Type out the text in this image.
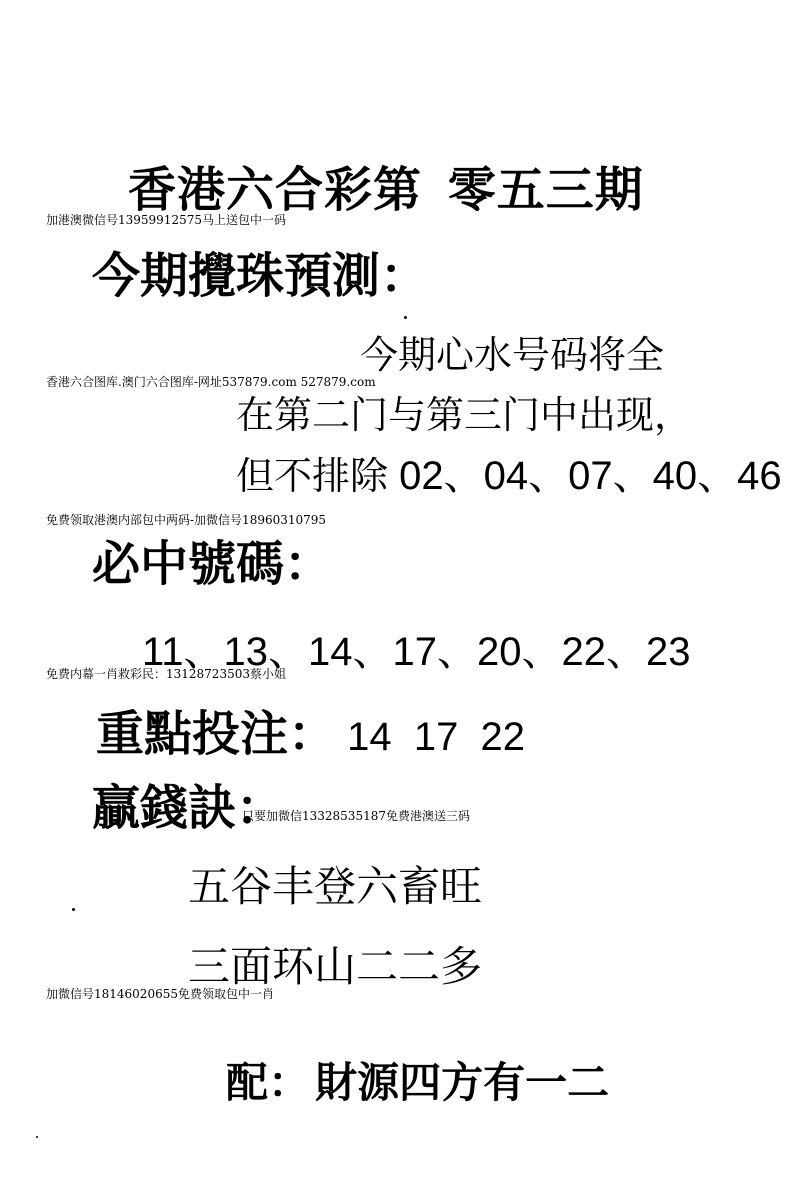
香港六合彩第 零五三期
加港澳微信号13959912575马上送包中一码
今期攪珠預測：
今期心水号码将全
香港六合图库.澳门六合图库-网址537879.com 527879.com
在第二门与第三门中出现，
但不排除 02、04、07、40、46
免费领取港澳内部包中两码-加微信号18960310795
必中號碼：
11、13、14、17、20、22、23
免费内幕一肖救彩民：13128723503蔡小姐
重點投注： 14  17  22
贏錢訣：
只要加微信13328535187免费港澳送三码
五谷丰登六畜旺
三面环山二二多
加微信号18146020655免费领取包中一肖
配： 財源四方有一二
